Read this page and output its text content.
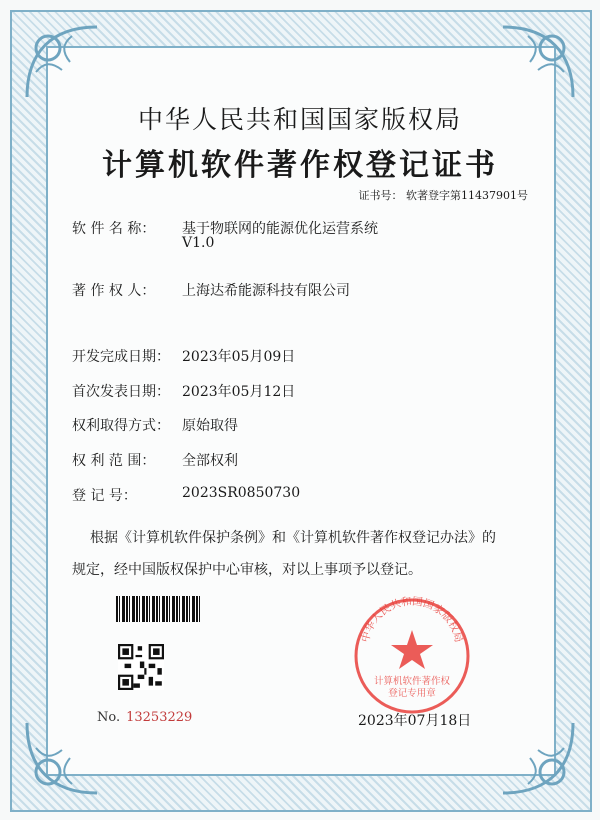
中华人民共和国国家版权局
计算机软件著作权登记证书
证书号： 软著登字第11437901号
软 件 名 称：	基于物联网的能源优化运营系统
V1.0
著 作 权 人：	上海达希能源科技有限公司
开发完成日期： 2023年05月09日
首次发表日期： 2023年05月12日
权利取得方式： 原始取得
权 利 范 围：	全部权利
登 记 号：	2023SR0850730
根据《计算机软件保护条例》和《计算机软件著作权登记办法》的
规定，经中国版权保护中心审核，对以上事项予以登记。
No. 13253229
中华人民共和国国家版权局
计算机软件著作权
登记专用章
2023年07月18日
